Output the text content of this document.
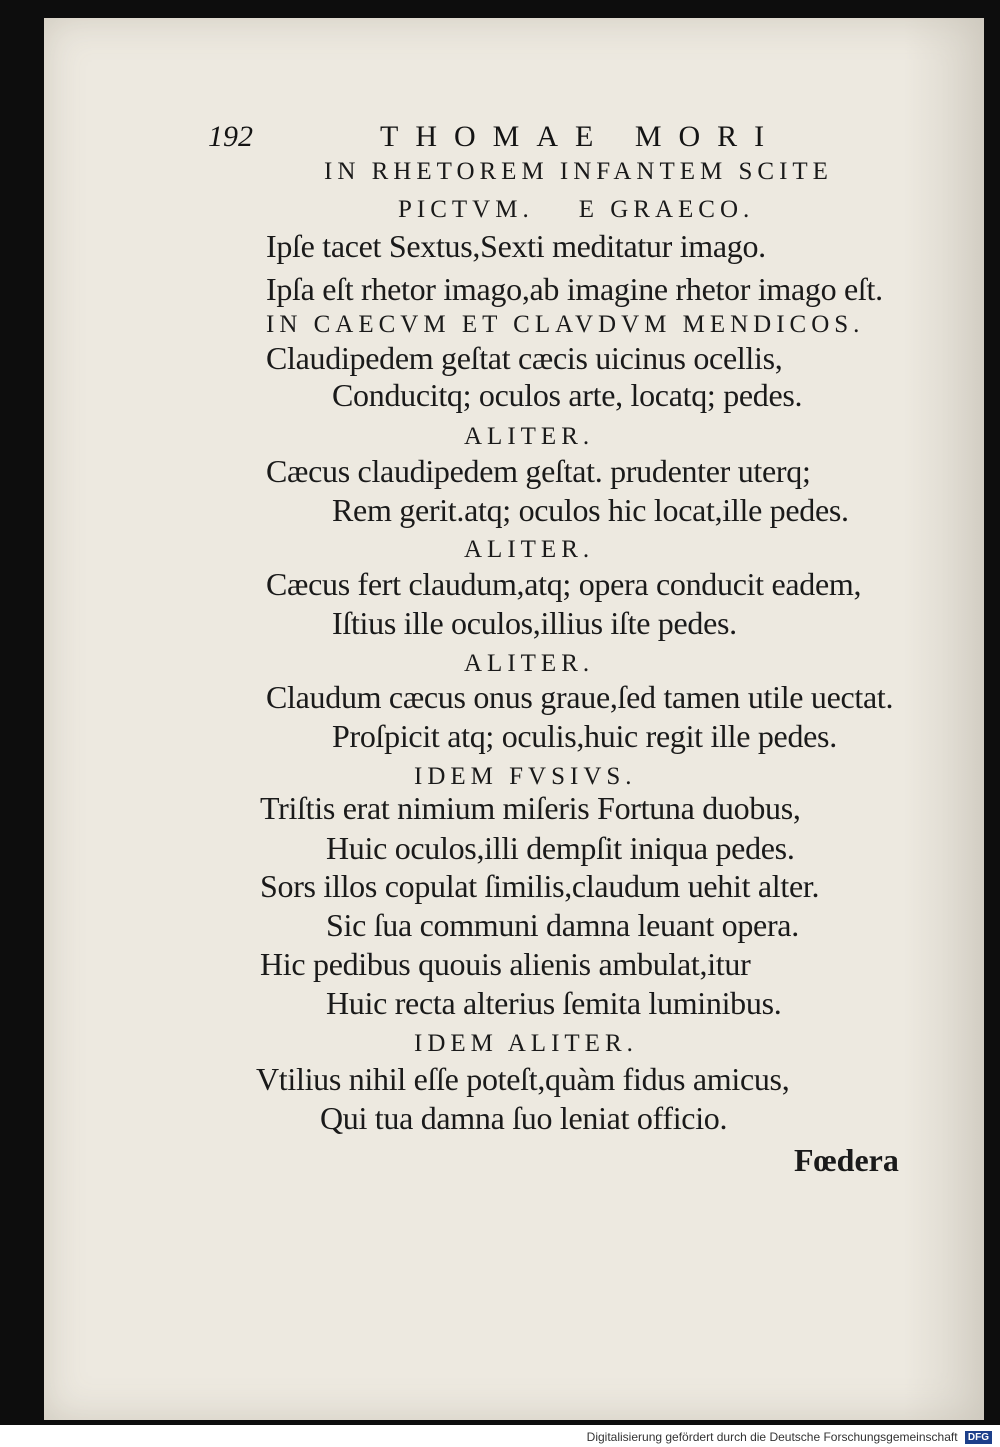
192	THOMAE MORI
IN RHETOREM INFANTEM SCITE
PICTVM.    E GRAECO.
Ipſe tacet Sextus,Sexti meditatur imago.
Ipſa eſt rhetor imago,ab imagine rhetor imago eſt.
IN CAECVM ET CLAVDVM MENDICOS.
Claudipedem geſtat cæcis uicinus ocellis,
Conducitq; oculos arte, locatq; pedes.
ALITER.
Cæcus claudipedem geſtat. prudenter uterq;
Rem gerit.atq; oculos hic locat,ille pedes.
ALITER.
Cæcus fert claudum,atq; opera conducit eadem,
Iſtius ille oculos,illius iſte pedes.
ALITER.
Claudum cæcus onus graue,ſed tamen utile uectat.
Proſpicit atq; oculis,huic regit ille pedes.
IDEM FVSIVS.
Triſtis erat nimium miſeris Fortuna duobus,
Huic oculos,illi dempſit iniqua pedes.
Sors illos copulat ſimilis,claudum uehit alter.
Sic ſua communi damna leuant opera.
Hic pedibus quouis alienis ambulat,itur
Huic recta alterius ſemita luminibus.
IDEM ALITER.
Vtilius nihil eſſe poteſt,quàm fidus amicus,
Qui tua damna ſuo leniat officio.
Fœdera
Digitalisierung gefördert durch die Deutsche Forschungsgemeinschaft DFG
